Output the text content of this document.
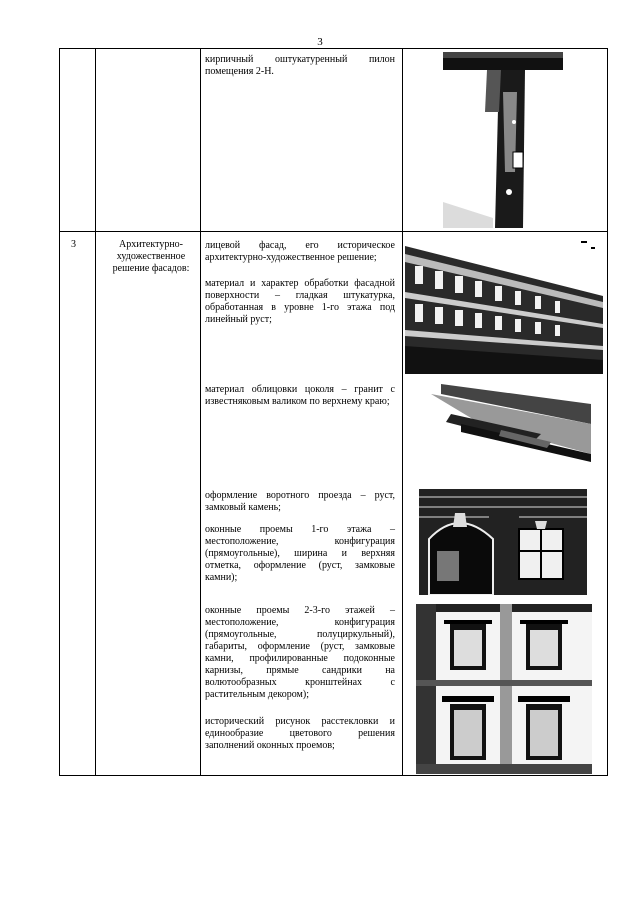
3
кирпичный оштукатуренный пилон помещения 2-Н.
3	Архитектурно-художественное решение фасадов:
лицевой фасад, его историческое архитектурно-художественное решение;
материал и характер обработки фасадной поверхности – гладкая штукатурка, обработанная в уровне 1-го этажа под линейный руст;
материал облицовки цоколя – гранит с известняковым валиком по верхнему краю;
оформление воротного проезда – руст, замковый камень;
оконные проемы 1-го этажа – местоположение, конфигурация (прямоугольные), ширина и верхняя отметка, оформление (руст, замковые камни);
оконные проемы 2-3-го этажей – местоположение, конфигурация (прямоугольные, полуциркульный), габариты, оформление (руст, замковые камни, профилированные подоконные карнизы, прямые сандрики на волютообразных кронштейнах с растительным декором);
исторический рисунок расстекловки и единообразие цветового решения заполнений оконных проемов;
